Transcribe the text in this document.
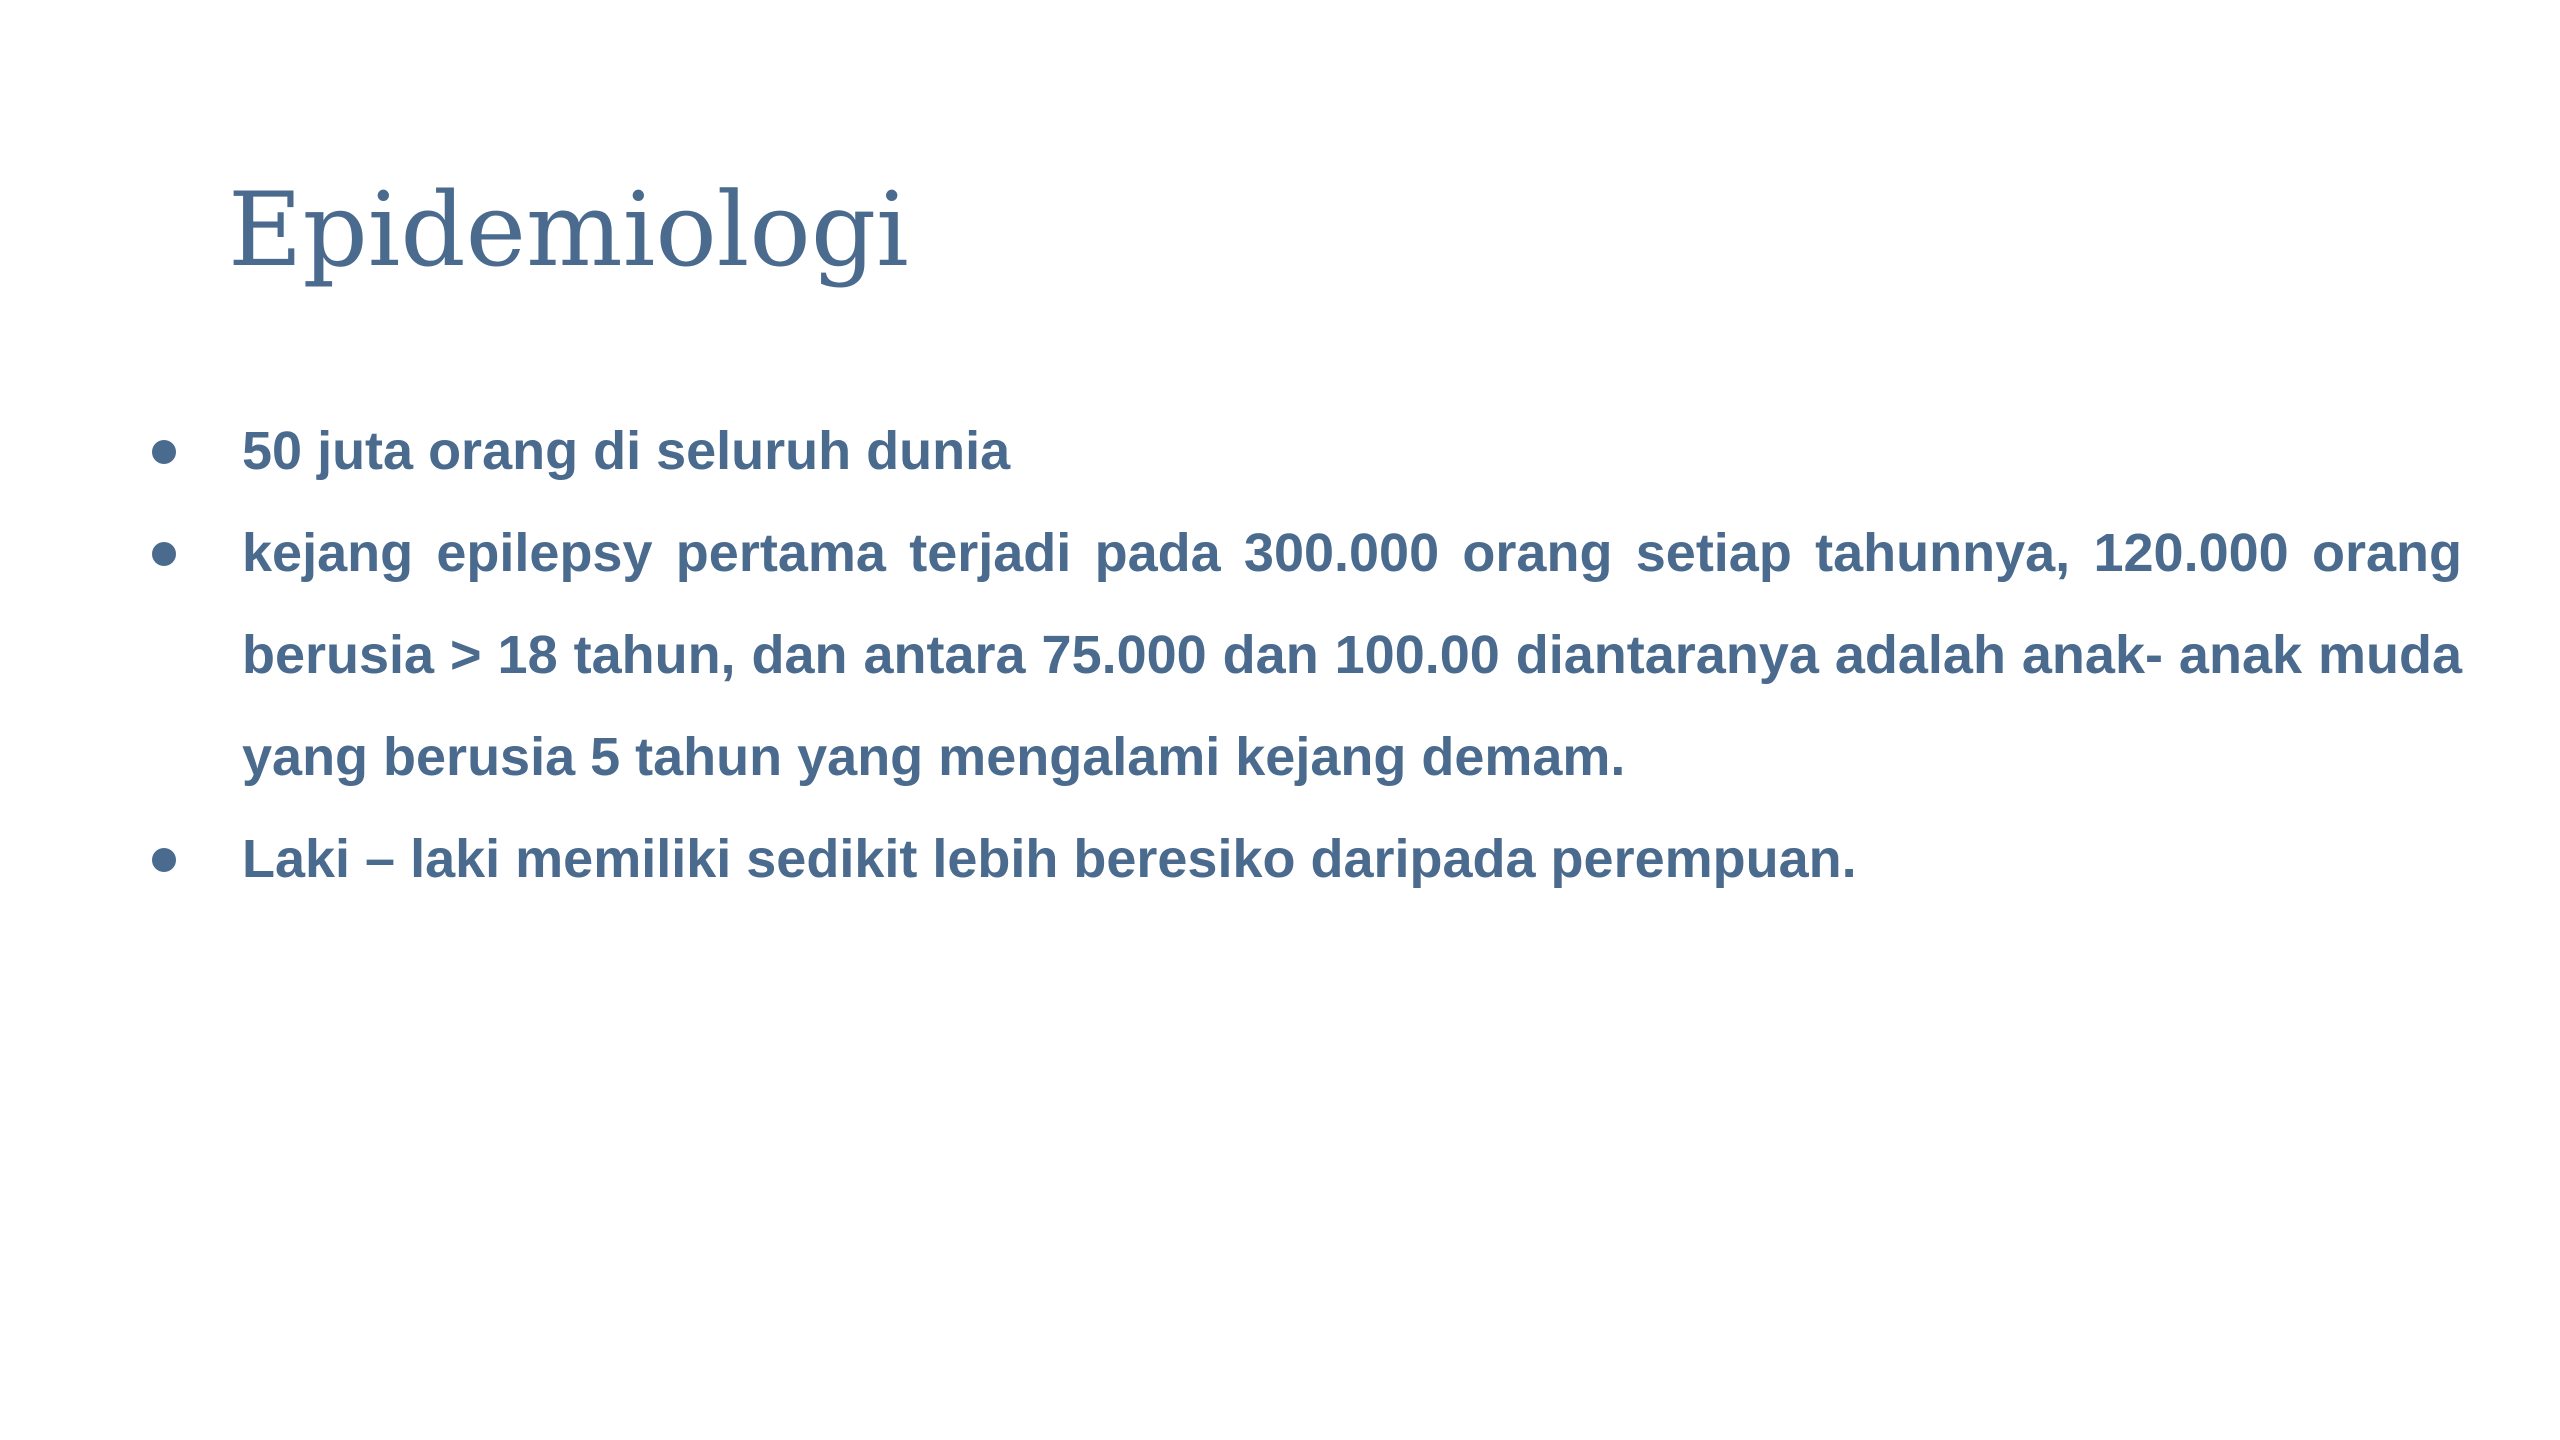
Epidemiologi
50 juta orang di seluruh dunia
kejang epilepsy pertama terjadi pada 300.000 orang setiap tahunnya, 120.000 orang berusia > 18 tahun, dan antara 75.000 dan 100.00 diantaranya adalah anak- anak muda yang berusia 5 tahun yang mengalami kejang demam.
Laki – laki memiliki sedikit lebih beresiko daripada perempuan.
